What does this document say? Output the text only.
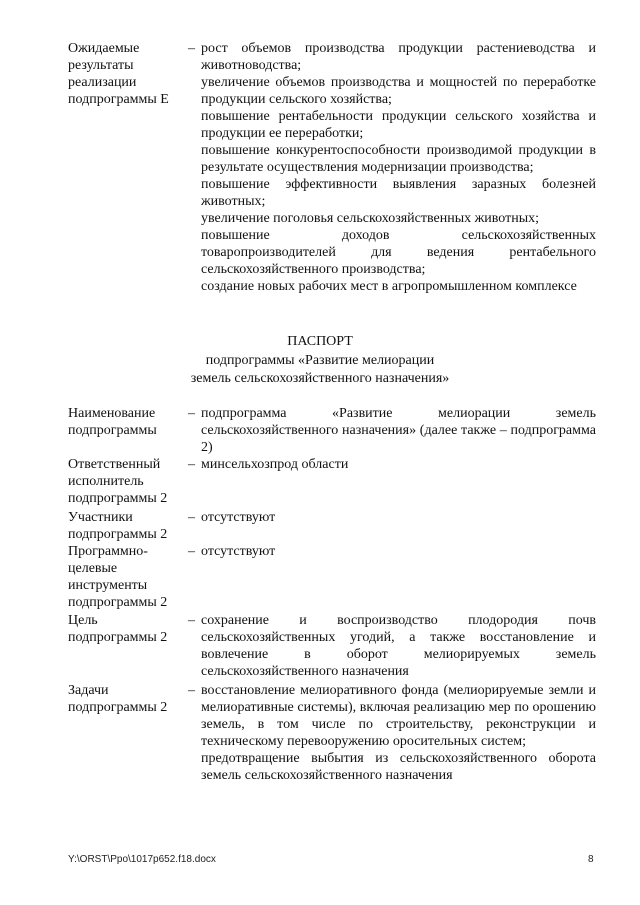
Ожидаемые
результаты
реализации
подпрограммы Е
– рост объемов производства продукции растениеводства и животноводства;

увеличение объемов производства и мощностей по переработке продукции сельского хозяйства;

повышение рентабельности продукции сельского хозяйства и продукции ее переработки;

повышение конкурентоспособности производимой продукции в результате осуществления модернизации производства;

повышение эффективности выявления заразных болезней животных;

увеличение поголовья сельскохозяйственных животных;

повышение доходов сельскохозяйственных товаропроизводителей для ведения рентабельного сельскохозяйственного производства;

создание новых рабочих мест в агропромышленном комплексе

ПАСПОРТ
подпрограммы «Развитие мелиорации
земель сельскохозяйственного назначения»
Наименование
подпрограммы
– подпрограмма «Развитие мелиорации земель сельскохозяйственного назначения» (далее также – подпрограмма 2)

Ответственный
исполнитель
подпрограммы 2
– минсельхозпрод области

Участники
подпрограммы 2
– отсутствуют

Программно-
целевые
инструменты
подпрограммы 2
– отсутствуют

Цель
подпрограммы 2
– сохранение и воспроизводство плодородия почв сельскохозяйственных угодий, а также восстановление и вовлечение в оборот мелиорируемых земель сельскохозяйственного назначения

Задачи
подпрограммы 2
– восстановление мелиоративного фонда (мелиорируемые земли и мелиоративные системы), включая реализацию мер по орошению земель, в том числе по строительству, реконструкции и техническому перевооружению оросительных систем;

предотвращение выбытия из сельскохозяйственного оборота земель сельскохозяйственного назначения

Y:\ORST\Ppo\1017p652.f18.docx	8
